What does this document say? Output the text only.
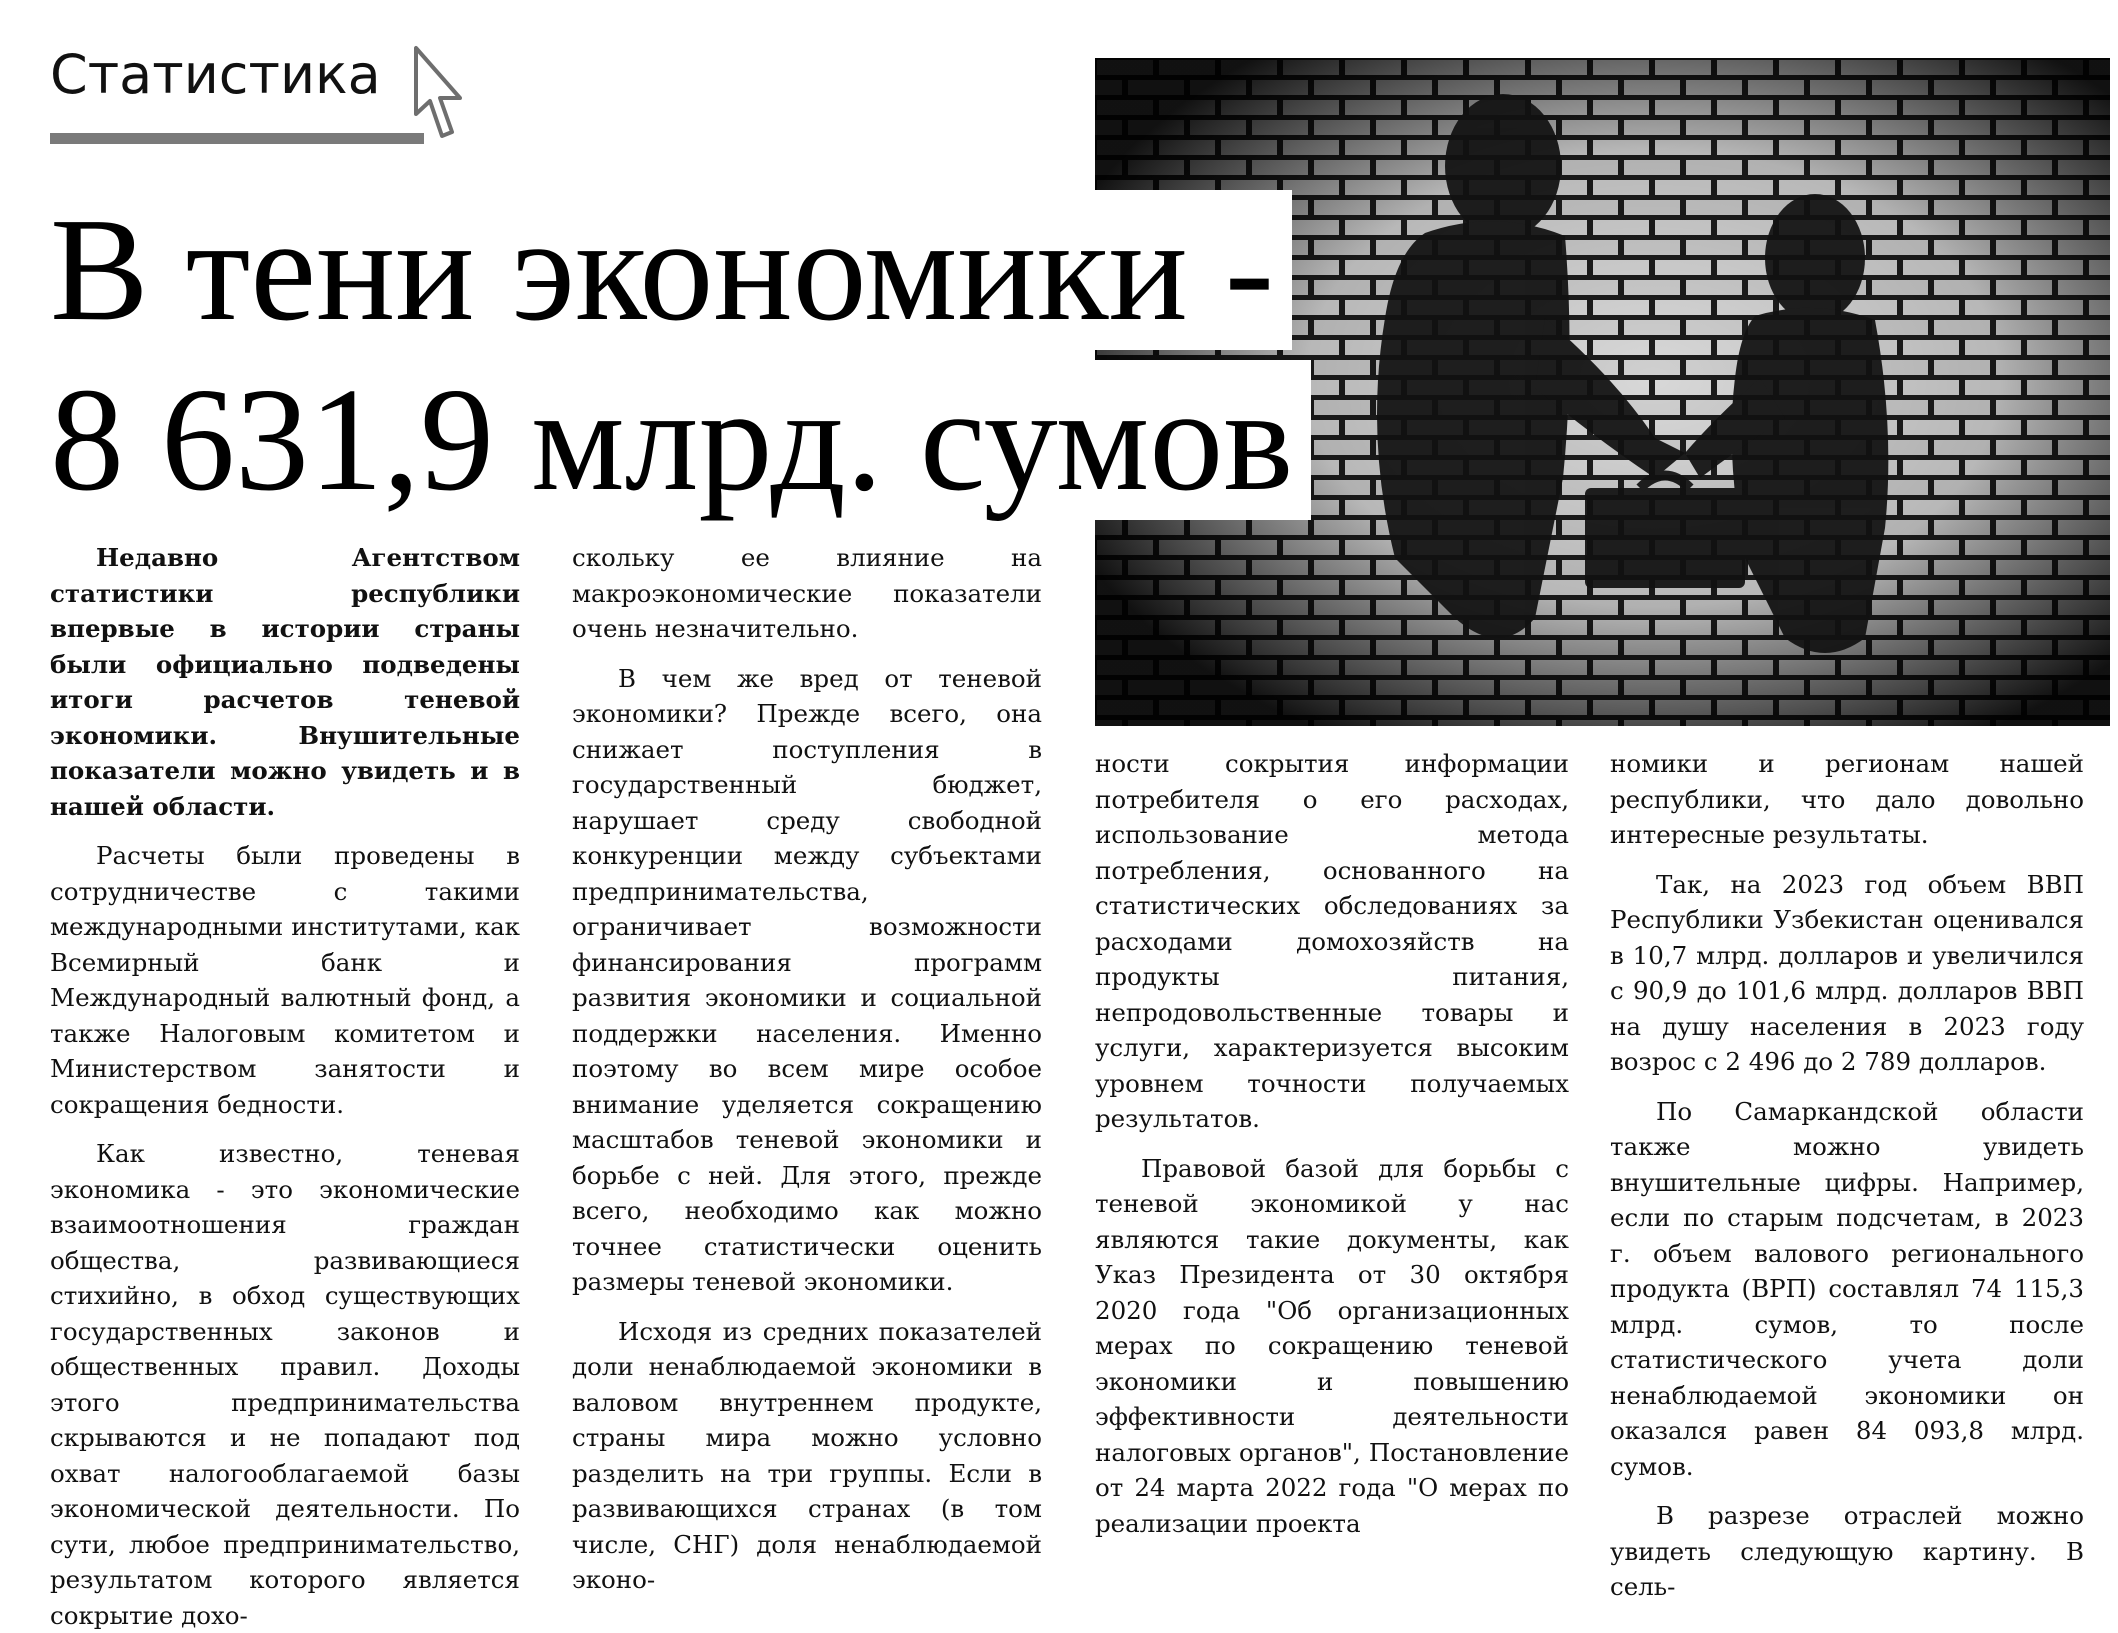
Статистика
В тени экономики -
8 631,9 млрд. сумов

Недавно Агентством статистики республики впервые в истории страны были официально подведены итоги расчетов теневой экономики. Внушительные показатели можно увидеть и в нашей области.

Расчеты были проведены в сотрудничестве с такими международными институтами, как Всемирный банк и Международный валютный фонд, а также Налоговым комитетом и Министерством занятости и сокращения бедности.

Как известно, теневая экономика - это экономические взаимоотношения граждан общества, развивающиеся стихийно, в обход существующих государственных законов и общественных правил. Доходы этого предпринимательства скрываются и не попадают под охват налогооблагаемой базы экономической деятельности. По сути, любое предпринимательство, результатом которого является сокрытие дохо-

скольку ее влияние на макроэкономические показатели очень незначительно.

В чем же вред от теневой экономики? Прежде всего, она снижает поступления в государственный бюджет, нарушает среду свободной конкуренции между субъектами предпринимательства, ограничивает возможности финансирования программ развития экономики и социальной поддержки населения. Именно поэтому во всем мире особое внимание уделяется сокращению масштабов теневой экономики и борьбе с ней. Для этого, прежде всего, необходимо как можно точнее статистически оценить размеры теневой экономики.

Исходя из средних показателей доли ненаблюдаемой экономики в валовом внутреннем продукте, страны мира можно условно разделить на три группы. Если в развивающихся странах (в том числе, СНГ) доля ненаблюдаемой эконо-

ности сокрытия информации потребителя о его расходах, использование метода потребления, основанного на статистических обследованиях за расходами домохозяйств на продукты питания, непродовольственные товары и услуги, характеризуется высоким уровнем точности получаемых результатов.

Правовой базой для борьбы с теневой экономикой у нас являются такие документы, как Указ Президента от 30 октября 2020 года "Об организационных мерах по сокращению теневой экономики и повышению эффективности деятельности налоговых органов", Постановление от 24 марта 2022 года "О мерах по реализации проекта

номики и регионам нашей республики, что дало довольно интересные результаты.

Так, на 2023 год объем ВВП Республики Узбекистан оценивался в 10,7 млрд. долларов и увеличился с 90,9 до 101,6 млрд. долларов ВВП на душу населения в 2023 году возрос с 2 496 до 2 789 долларов.

По Самаркандской области также можно увидеть внушительные цифры. Например, если по старым подсчетам, в 2023 г. объем валового регионального продукта (ВРП) составлял 74 115,3 млрд. сумов, то после статистического учета доли ненаблюдаемой экономики он оказался равен 84 093,8 млрд. сумов.

В разрезе отраслей можно увидеть следующую картину. В сель-
